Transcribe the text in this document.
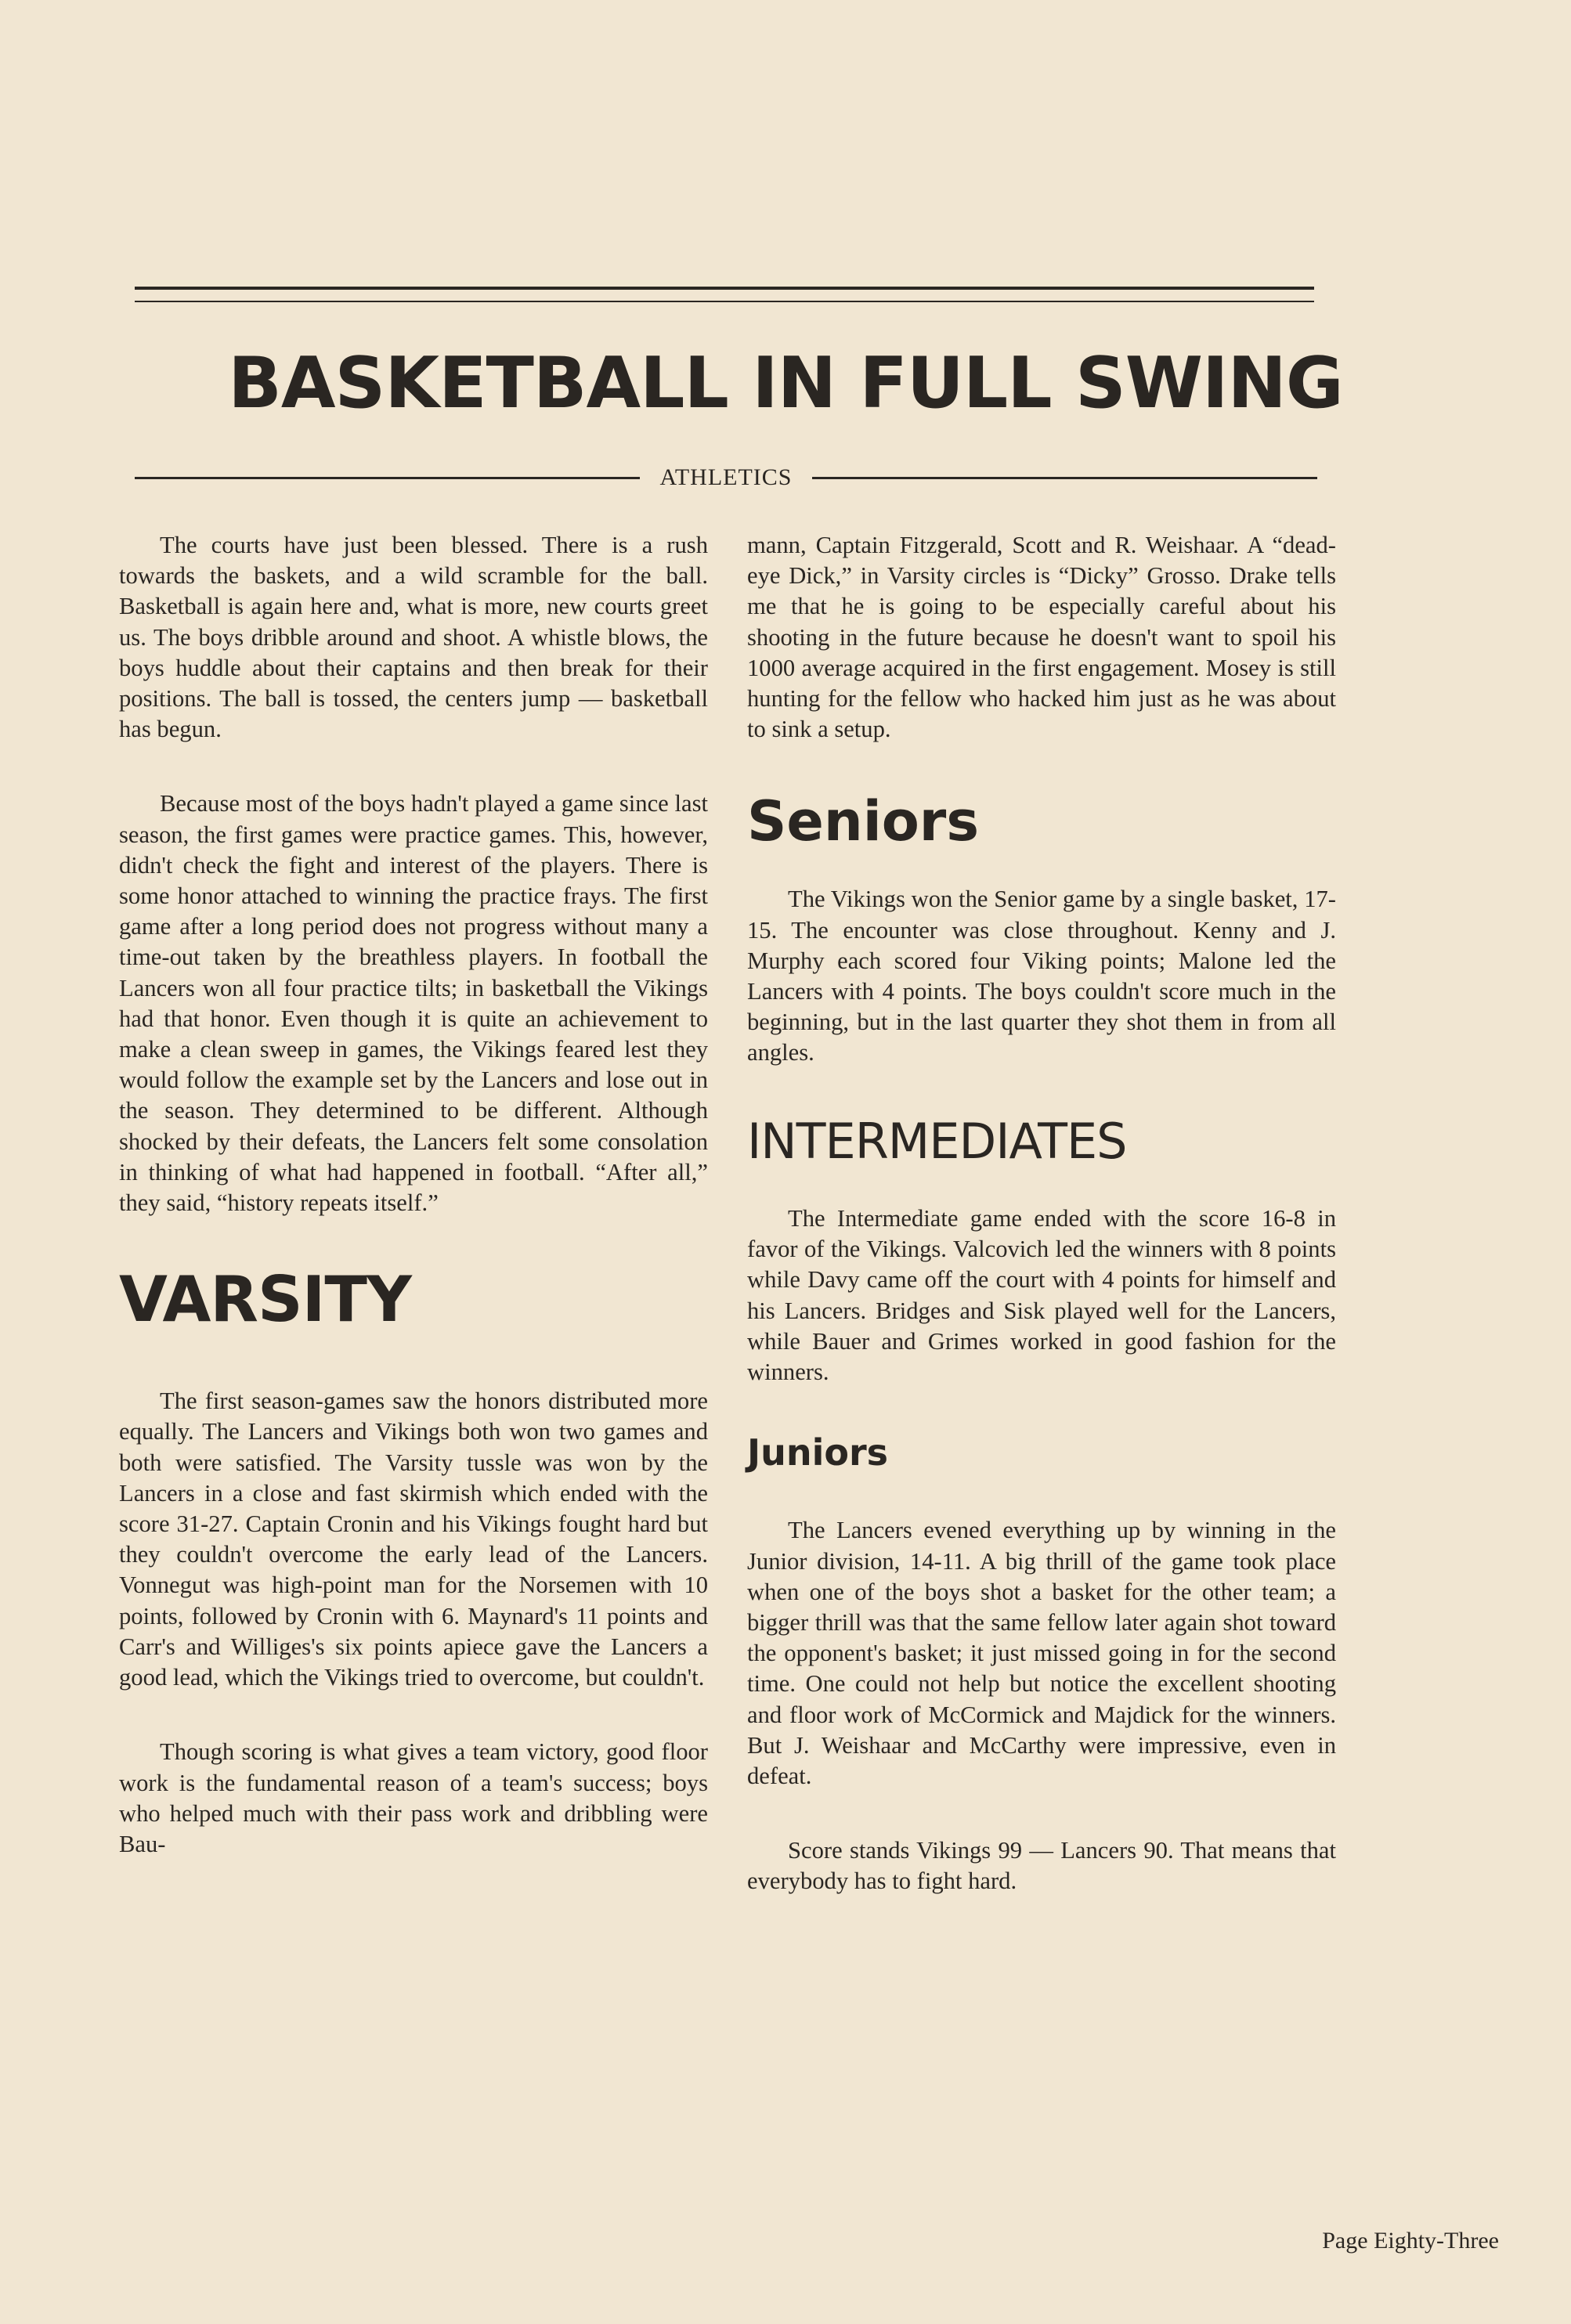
BASKETBALL IN FULL SWING
ATHLETICS

The courts have just been blessed. There is a rush towards the baskets, and a wild scramble for the ball. Basketball is again here and, what is more, new courts greet us. The boys dribble around and shoot. A whistle blows, the boys huddle about their captains and then break for their positions. The ball is tossed, the centers jump — basketball has begun.

Because most of the boys hadn't played a game since last season, the first games were practice games. This, however, didn't check the fight and interest of the players. There is some honor attached to winning the practice frays. The first game after a long period does not progress without many a time-out taken by the breathless players. In football the Lancers won all four practice tilts; in basketball the Vikings had that honor. Even though it is quite an achievement to make a clean sweep in games, the Vikings feared lest they would follow the example set by the Lancers and lose out in the season. They determined to be different. Although shocked by their defeats, the Lancers felt some consolation in thinking of what had happened in football. “After all,” they said, “history repeats itself.”

VARSITY

The first season-games saw the honors distributed more equally. The Lancers and Vikings both won two games and both were satisfied. The Varsity tussle was won by the Lancers in a close and fast skirmish which ended with the score 31-27. Captain Cronin and his Vikings fought hard but they couldn't overcome the early lead of the Lancers. Vonnegut was high-point man for the Norsemen with 10 points, followed by Cronin with 6. Maynard's 11 points and Carr's and Williges's six points apiece gave the Lancers a good lead, which the Vikings tried to overcome, but couldn't.

Though scoring is what gives a team victory, good floor work is the fundamental reason of a team's success; boys who helped much with their pass work and dribbling were Bau-

mann, Captain Fitzgerald, Scott and R. Weishaar. A “dead-eye Dick,” in Varsity circles is “Dicky” Grosso. Drake tells me that he is going to be especially careful about his shooting in the future because he doesn't want to spoil his 1000 average acquired in the first engagement. Mosey is still hunting for the fellow who hacked him just as he was about to sink a setup.

Seniors

The Vikings won the Senior game by a single basket, 17-15. The encounter was close throughout. Kenny and J. Murphy each scored four Viking points; Malone led the Lancers with 4 points. The boys couldn't score much in the beginning, but in the last quarter they shot them in from all angles.

INTERMEDIATES

The Intermediate game ended with the score 16-8 in favor of the Vikings. Valcovich led the winners with 8 points while Davy came off the court with 4 points for himself and his Lancers. Bridges and Sisk played well for the Lancers, while Bauer and Grimes worked in good fashion for the winners.

Juniors

The Lancers evened everything up by winning in the Junior division, 14-11. A big thrill of the game took place when one of the boys shot a basket for the other team; a bigger thrill was that the same fellow later again shot toward the opponent's basket; it just missed going in for the second time. One could not help but notice the excellent shooting and floor work of McCormick and Majdick for the winners. But J. Weishaar and McCarthy were impressive, even in defeat.

Score stands Vikings 99 — Lancers 90. That means that everybody has to fight hard.

Page Eighty-Three
